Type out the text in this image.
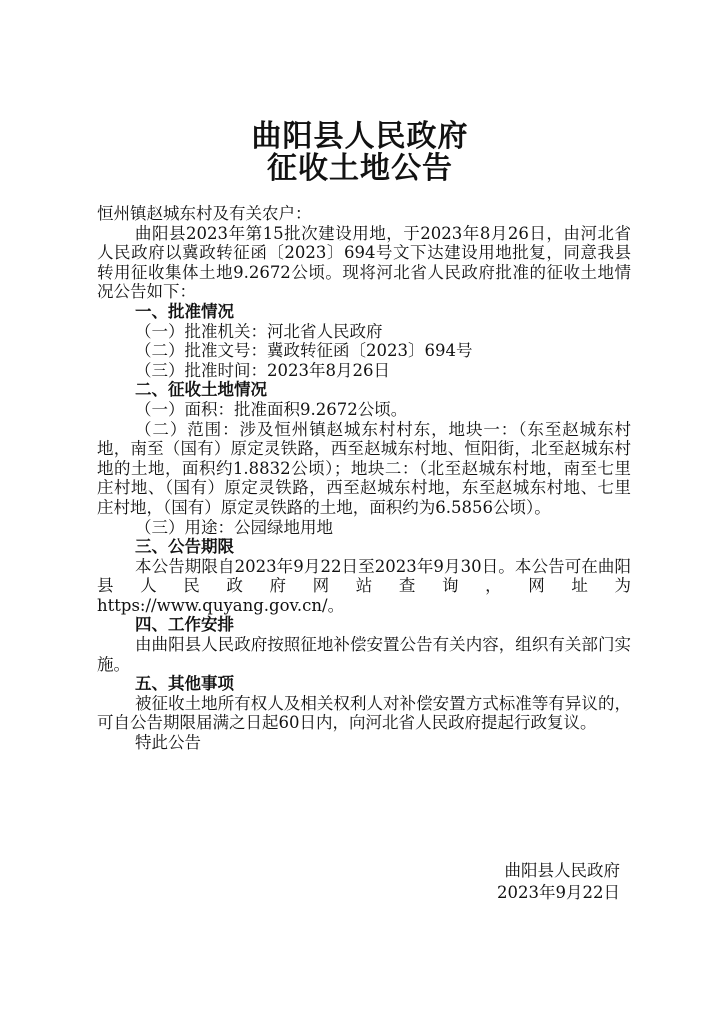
曲阳县人民政府
征收土地公告

恒州镇赵城东村及有关农户：

曲阳县2023年第15批次建设用地，于2023年8月26日，由河北省人民政府以冀政转征函〔2023〕694号文下达建设用地批复，同意我县转用征收集体土地9.2672公顷。现将河北省人民政府批准的征收土地情况公告如下：

一、批准情况

（一）批准机关：河北省人民政府

（二）批准文号：冀政转征函〔2023〕694号

（三）批准时间：2023年8月26日

二、征收土地情况

（一）面积：批准面积9.2672公顷。

（二）范围：涉及恒州镇赵城东村村东，地块一：（东至赵城东村地，南至（国有）原定灵铁路，西至赵城东村地、恒阳街，北至赵城东村地的土地，面积约1.8832公顷）；地块二：（北至赵城东村地，南至七里庄村地、（国有）原定灵铁路，西至赵城东村地，东至赵城东村地、七里庄村地，（国有）原定灵铁路的土地，面积约为6.5856公顷）。

（三）用途：公园绿地用地

三、公告期限

本公告期限自2023年9月22日至2023年9月30日。本公告可在曲阳县人民政府网站查询，网址为

https://www.quyang.gov.cn/。

四、工作安排

由曲阳县人民政府按照征地补偿安置公告有关内容，组织有关部门实施。

五、其他事项

被征收土地所有权人及相关权利人对补偿安置方式标准等有异议的，可自公告期限届满之日起60日内，向河北省人民政府提起行政复议。

特此公告

曲阳县人民政府
2023年9月22日
